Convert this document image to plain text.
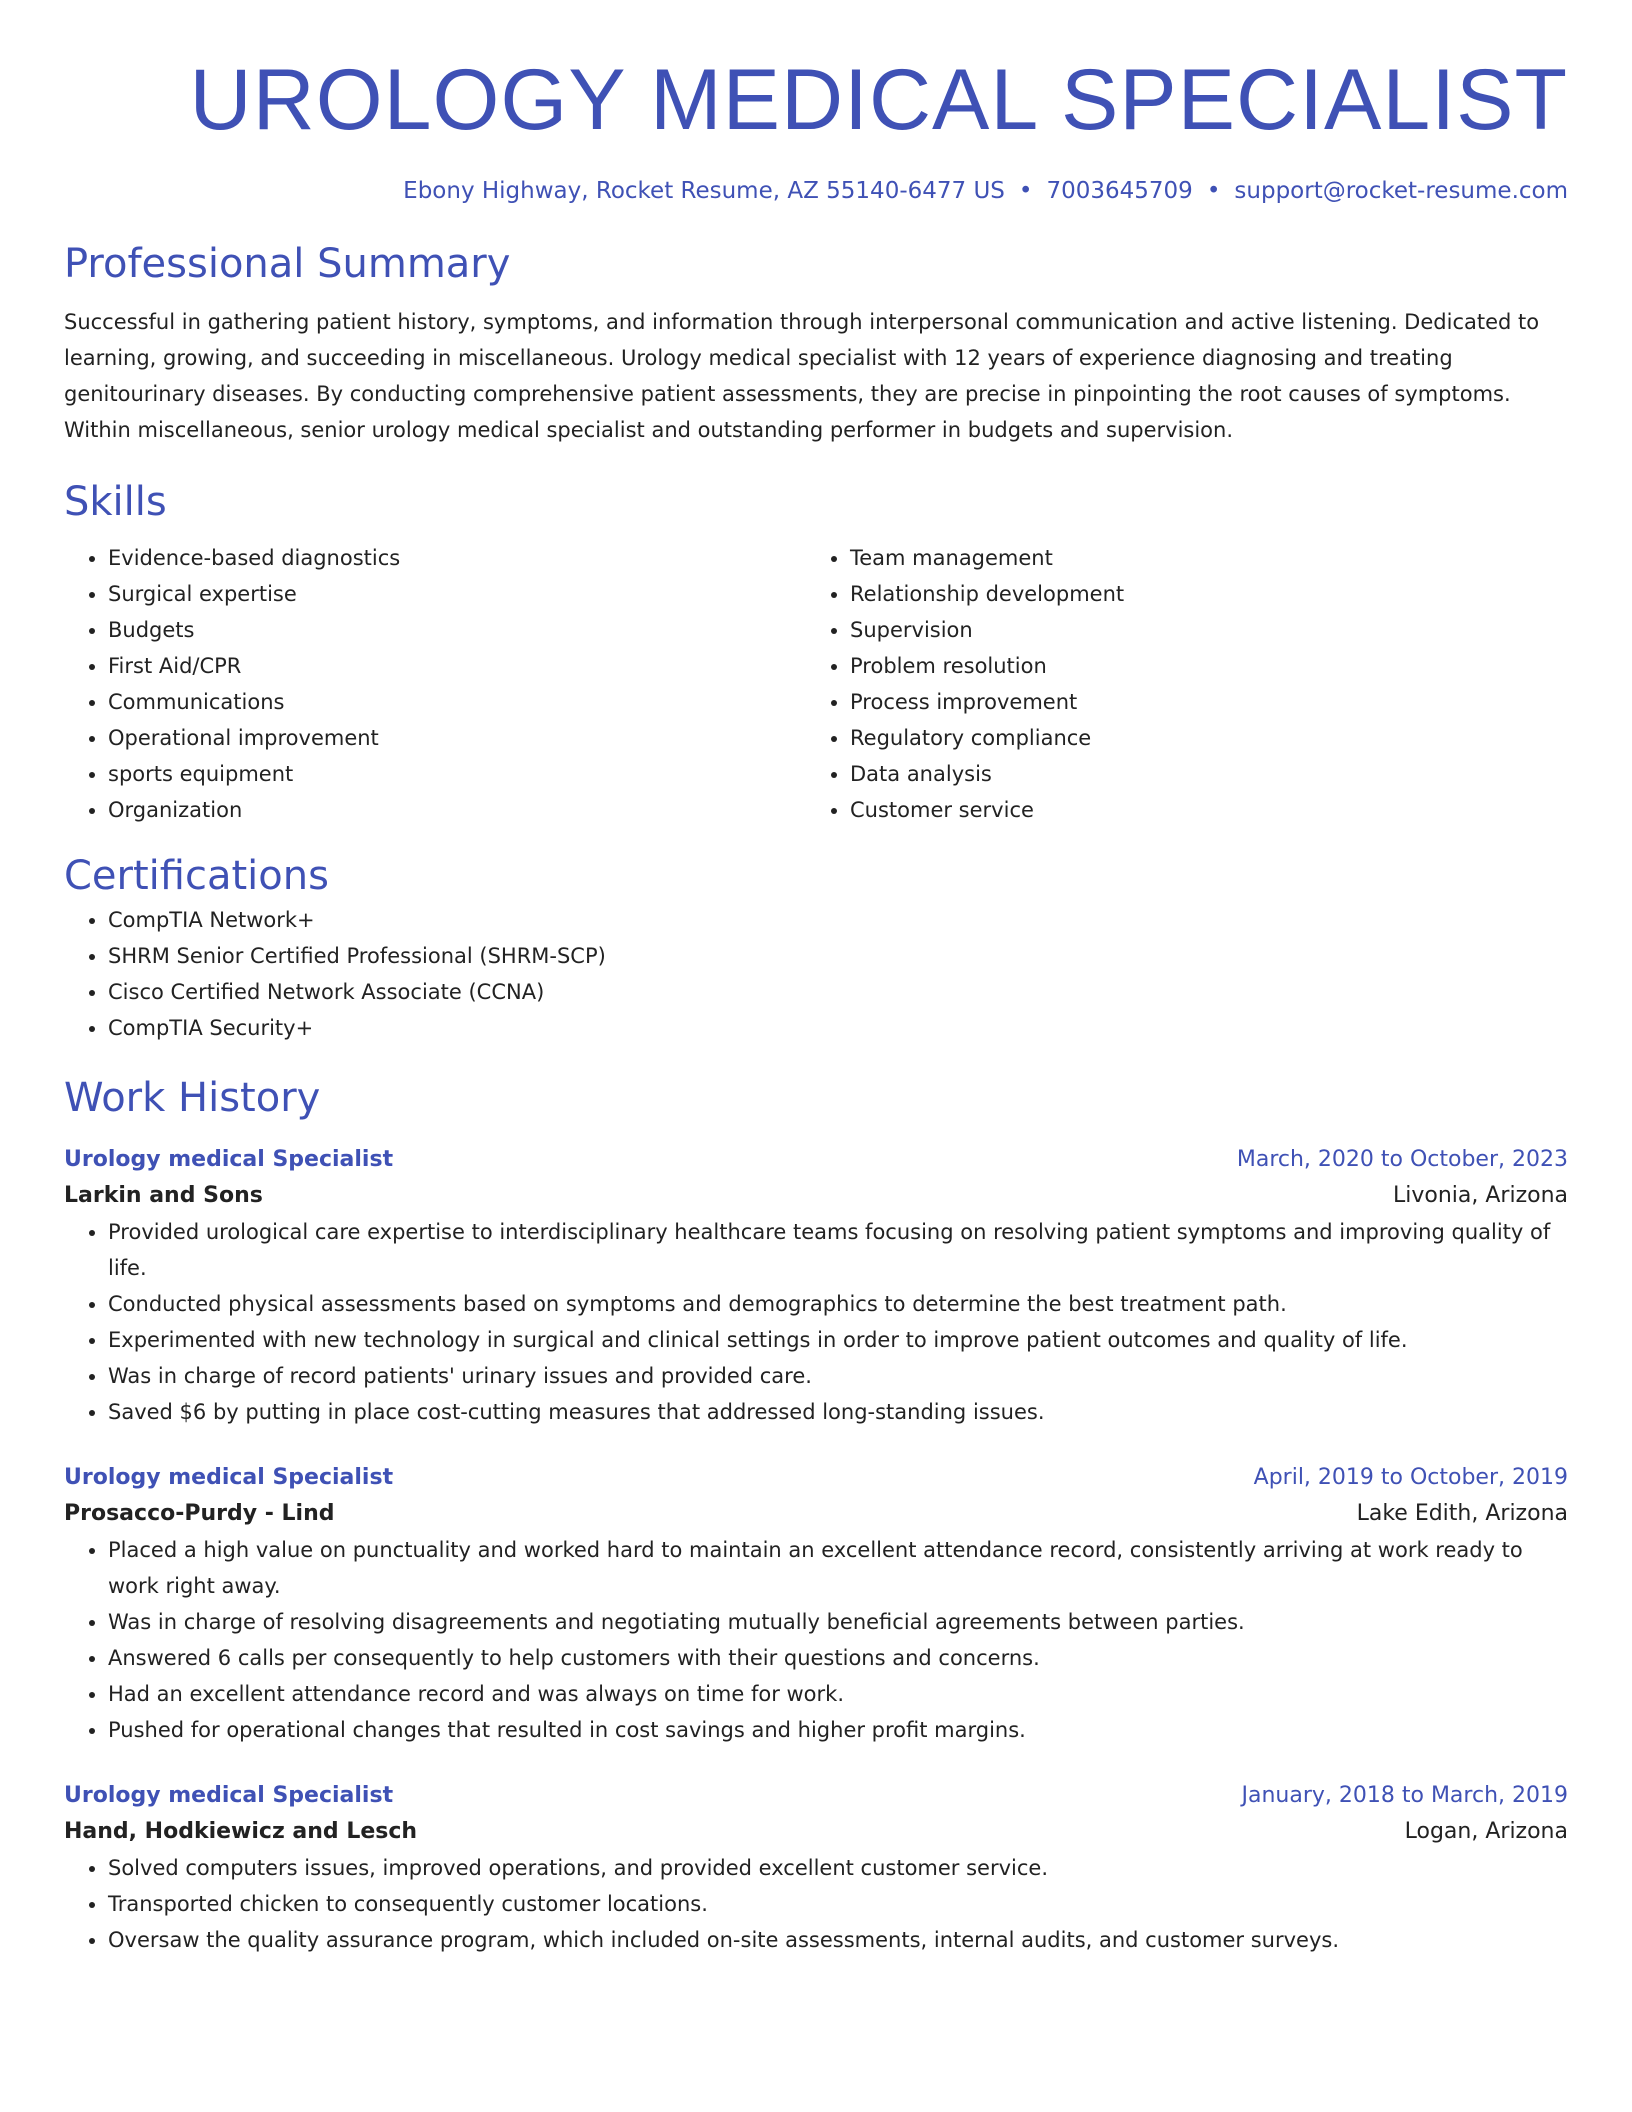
UROLOGY MEDICAL SPECIALIST
Ebony Highway, Rocket Resume, AZ 55140-6477 US • 7003645709 • support@rocket-resume.com
Professional Summary
Successful in gathering patient history, symptoms, and information through interpersonal communication and active listening. Dedicated to learning, growing, and succeeding in miscellaneous. Urology medical specialist with 12 years of experience diagnosing and treating genitourinary diseases. By conducting comprehensive patient assessments, they are precise in pinpointing the root causes of symptoms. Within miscellaneous, senior urology medical specialist and outstanding performer in budgets and supervision.
Skills
• Evidence-based diagnostics
• Surgical expertise
• Budgets
• First Aid/CPR
• Communications
• Operational improvement
• sports equipment
• Organization
• Team management
• Relationship development
• Supervision
• Problem resolution
• Process improvement
• Regulatory compliance
• Data analysis
• Customer service
Certifications
• CompTIA Network+
• SHRM Senior Certified Professional (SHRM-SCP)
• Cisco Certified Network Associate (CCNA)
• CompTIA Security+
Work History
Urology medical Specialist	March, 2020 to October, 2023
Larkin and Sons	Livonia, Arizona
• Provided urological care expertise to interdisciplinary healthcare teams focusing on resolving patient symptoms and improving quality of life.
• Conducted physical assessments based on symptoms and demographics to determine the best treatment path.
• Experimented with new technology in surgical and clinical settings in order to improve patient outcomes and quality of life.
• Was in charge of record patients' urinary issues and provided care.
• Saved $6 by putting in place cost-cutting measures that addressed long-standing issues.
Urology medical Specialist	April, 2019 to October, 2019
Prosacco-Purdy - Lind	Lake Edith, Arizona
• Placed a high value on punctuality and worked hard to maintain an excellent attendance record, consistently arriving at work ready to work right away.
• Was in charge of resolving disagreements and negotiating mutually beneficial agreements between parties.
• Answered 6 calls per consequently to help customers with their questions and concerns.
• Had an excellent attendance record and was always on time for work.
• Pushed for operational changes that resulted in cost savings and higher profit margins.
Urology medical Specialist	January, 2018 to March, 2019
Hand, Hodkiewicz and Lesch	Logan, Arizona
• Solved computers issues, improved operations, and provided excellent customer service.
• Transported chicken to consequently customer locations.
• Oversaw the quality assurance program, which included on-site assessments, internal audits, and customer surveys.
